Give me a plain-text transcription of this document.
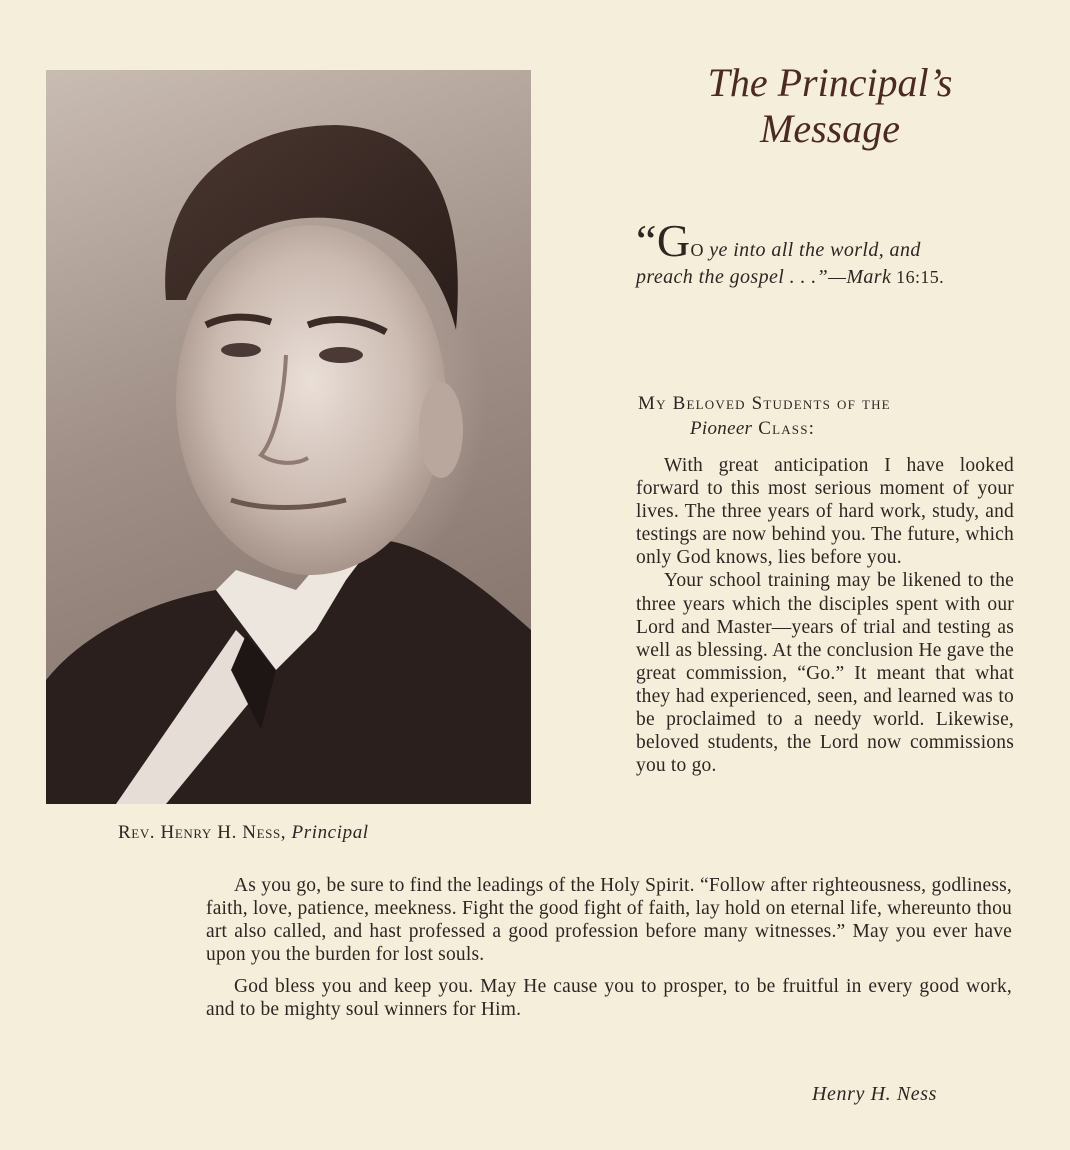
Rev. Henry H. Ness, Principal
The Principal’s
Message
“GO ye into all the world, and
preach the gospel . . .”—Mark 16:15.
My Beloved Students of the
Pioneer Class:

With great anticipation I have looked forward to this most serious moment of your lives. The three years of hard work, study, and testings are now behind you. The future, which only God knows, lies before you.

Your school training may be likened to the three years which the disciples spent with our Lord and Master—years of trial and testing as well as blessing. At the conclusion He gave the great commission, “Go.” It meant that what they had experienced, seen, and learned was to be proclaimed to a needy world. Likewise, beloved students, the Lord now commissions you to go.

As you go, be sure to find the leadings of the Holy Spirit. “Follow after righteousness, godliness, faith, love, patience, meekness. Fight the good fight of faith, lay hold on eternal life, whereunto thou art also called, and hast professed a good profession before many witnesses.” May you ever have upon you the burden for lost souls.

God bless you and keep you. May He cause you to prosper, to be fruitful in every good work, and to be mighty soul winners for Him.

Henry H. Ness
